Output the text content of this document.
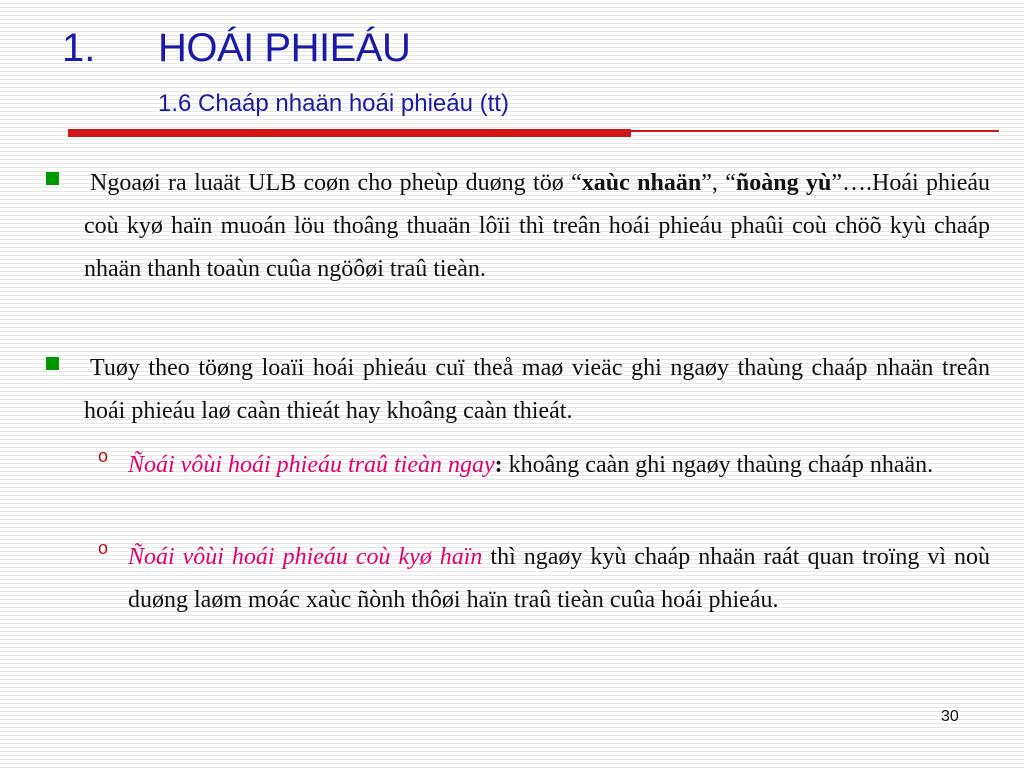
1. HOÁI PHIEÁU
1.6 Chaáp nhaän hoái phieáu (tt)
Ngoaøi ra luaät ULB coøn cho pheùp duøng töø “xaùc nhaän”, “ñoàng yù”….Hoái phieáu coù kyø haïn muoán löu thoâng thuaän lôïi thì treân hoái phieáu phaûi coù chöõ kyù chaáp nhaän thanh toaùn cuûa ngöôøi traû tieàn.
Tuøy theo töøng loaïi hoái phieáu cuï theå maø vieäc ghi ngaøy thaùng chaáp nhaän treân hoái phieáu laø caàn thieát hay khoâng caàn thieát.
o Ñoái vôùi hoái phieáu traû tieàn ngay: khoâng caàn ghi ngaøy thaùng chaáp nhaän.
o Ñoái vôùi hoái phieáu coù kyø haïn thì ngaøy kyù chaáp nhaän raát quan troïng vì noù duøng laøm moác xaùc ñònh thôøi haïn traû tieàn cuûa hoái phieáu.
30
